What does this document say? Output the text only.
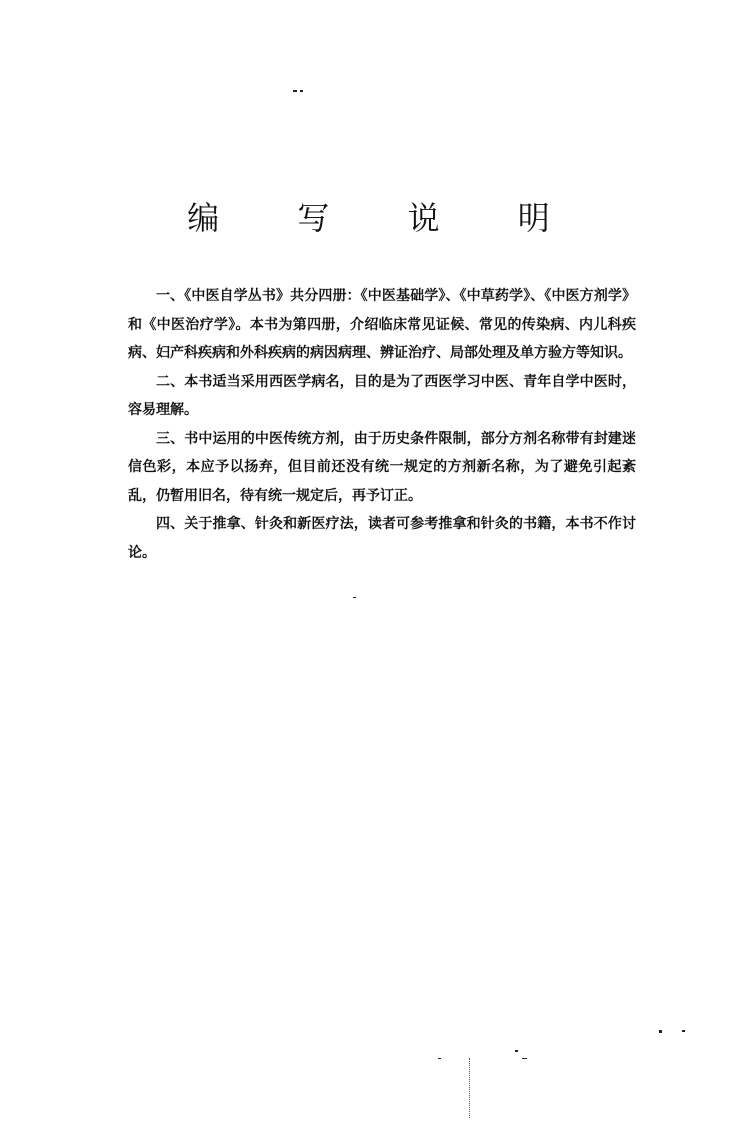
编 写 说 明

一、《中医自学丛书》共分四册：《中医基础学》、《中草药学》、《中医方剂学》和《中医治疗学》。本书为第四册，介绍临床常见证候、常见的传染病、内儿科疾病、妇产科疾病和外科疾病的病因病理、辨证治疗、局部处理及单方验方等知识。

二、本书适当采用西医学病名，目的是为了西医学习中医、青年自学中医时，容易理解。

三、书中运用的中医传统方剂，由于历史条件限制，部分方剂名称带有封建迷信色彩，本应予以扬弃，但目前还没有统一规定的方剂新名称，为了避免引起紊乱，仍暂用旧名，待有统一规定后，再予订正。

四、关于推拿、针灸和新医疗法，读者可参考推拿和针灸的书籍，本书不作讨论。
